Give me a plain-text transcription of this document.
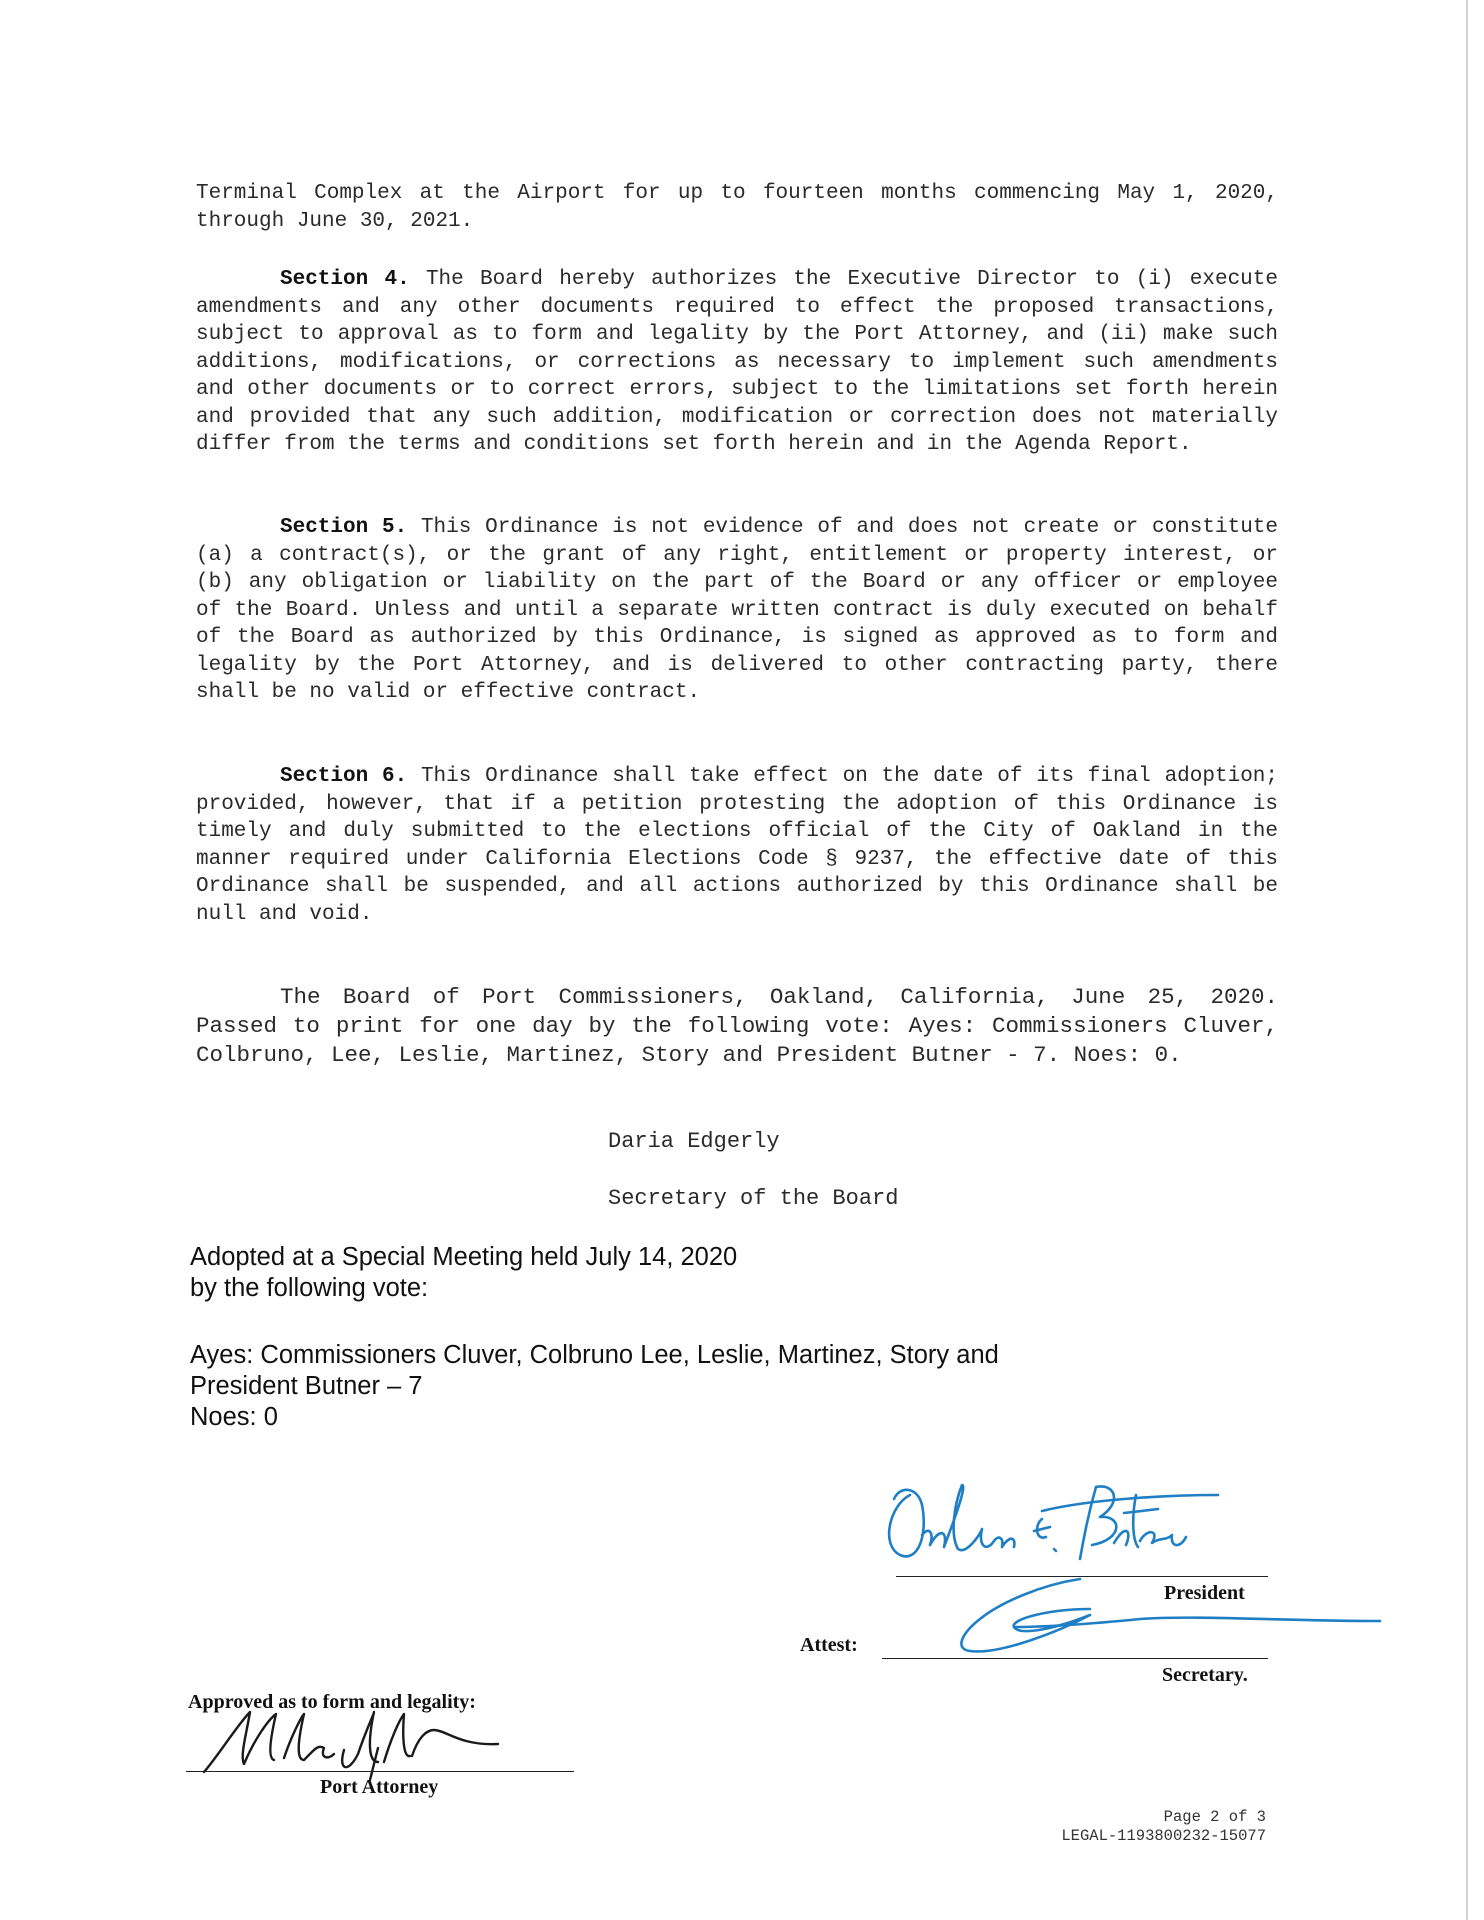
Terminal Complex at the Airport for up to fourteen months commencing May 1, 2020, through June 30, 2021.

Section 4. The Board hereby authorizes the Executive Director to (i) execute amendments and any other documents required to effect the proposed transactions, subject to approval as to form and legality by the Port Attorney, and (ii) make such additions, modifications, or corrections as necessary to implement such amendments and other documents or to correct errors, subject to the limitations set forth herein and provided that any such addition, modification or correction does not materially differ from the terms and conditions set forth herein and in the Agenda Report.

Section 5. This Ordinance is not evidence of and does not create or constitute (a) a contract(s), or the grant of any right, entitlement or property interest, or (b) any obligation or liability on the part of the Board or any officer or employee of the Board. Unless and until a separate written contract is duly executed on behalf of the Board as authorized by this Ordinance, is signed as approved as to form and legality by the Port Attorney, and is delivered to other contracting party, there shall be no valid or effective contract.

Section 6. This Ordinance shall take effect on the date of its final adoption; provided, however, that if a petition protesting the adoption of this Ordinance is timely and duly submitted to the elections official of the City of Oakland in the manner required under California Elections Code § 9237, the effective date of this Ordinance shall be suspended, and all actions authorized by this Ordinance shall be null and void.

The Board of Port Commissioners, Oakland, California, June 25, 2020. Passed to print for one day by the following vote: Ayes: Commissioners Cluver, Colbruno, Lee, Leslie, Martinez, Story and President Butner - 7. Noes: 0.

Daria Edgerly

Secretary of the Board

Adopted at a Special Meeting held July 14, 2020

by the following vote:

Ayes: Commissioners Cluver, Colbruno Lee, Leslie, Martinez, Story and

President Butner – 7

Noes: 0

President

Attest:

Secretary.

Approved as to form and legality:

Port Attorney

Page 2 of 3

LEGAL-1193800232-15077
